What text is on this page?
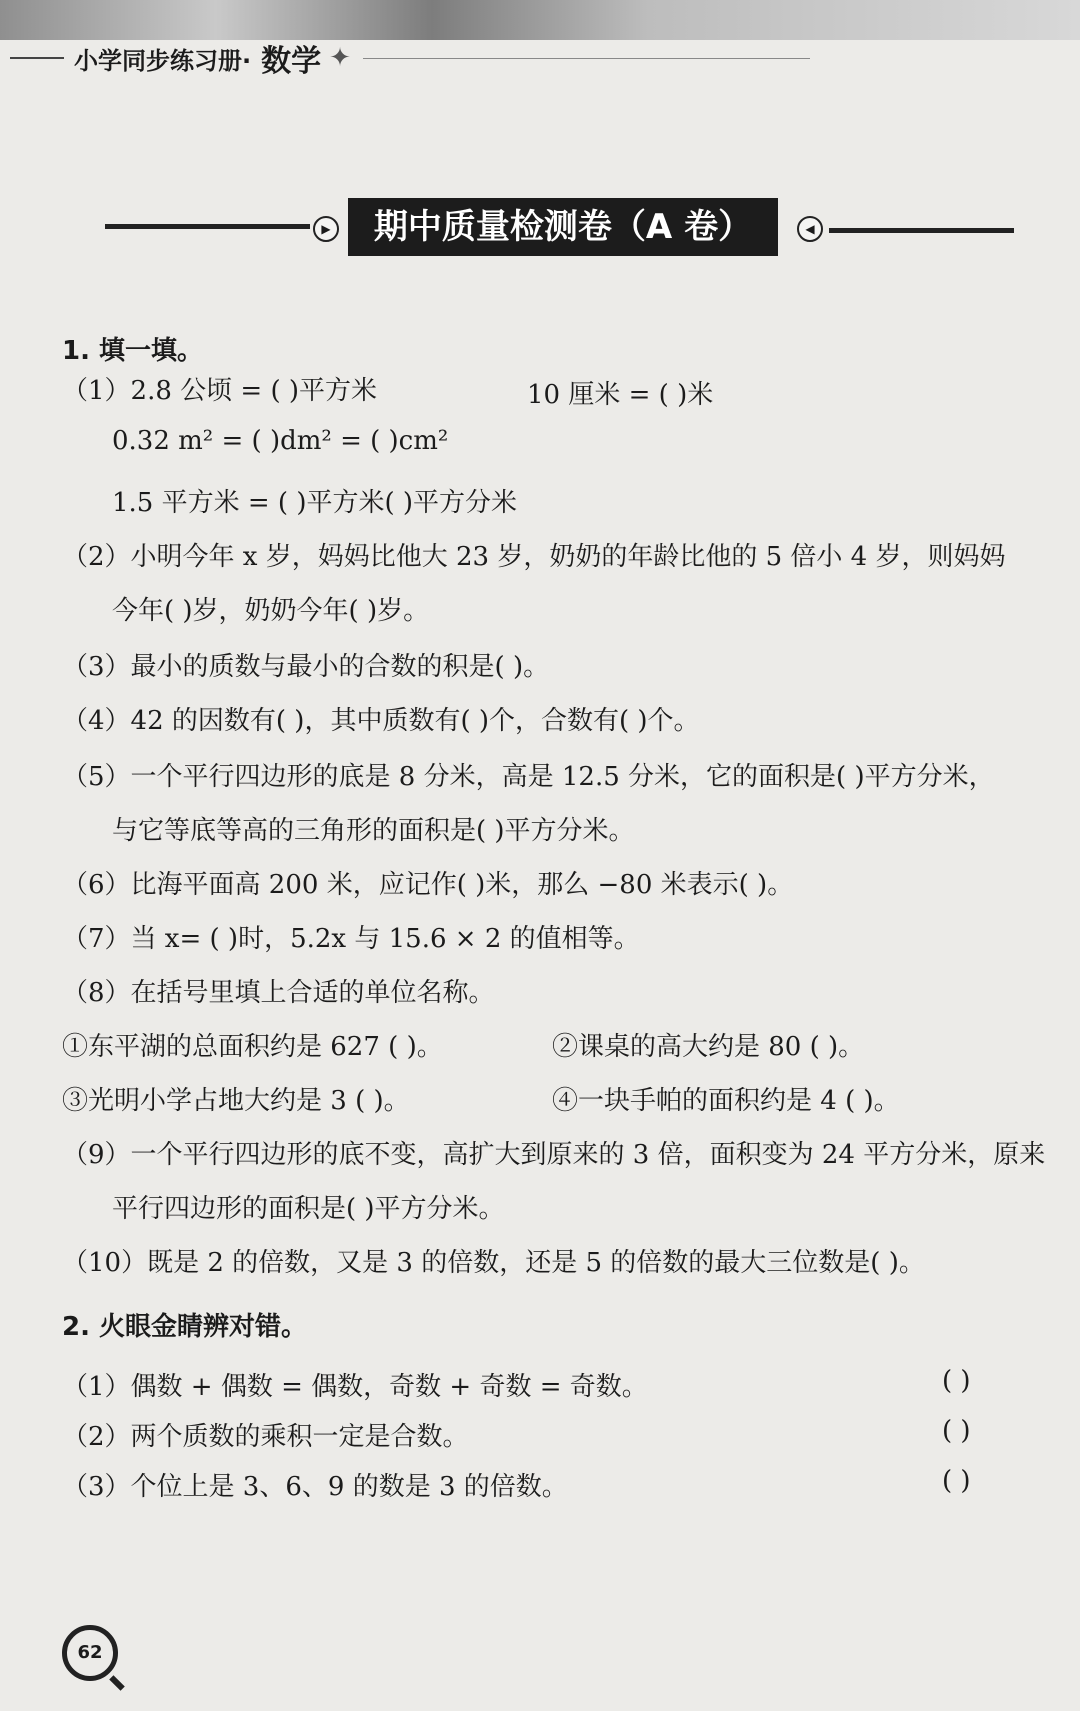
小学同步练习册· 数学 ✦
▶	期中质量检测卷（A 卷）	◀
1. 填一填。
（1）2.8 公顷 = ( )平方米	10 厘米 = ( )米
0.32 m² = ( )dm² = ( )cm²
1.5 平方米 = ( )平方米( )平方分米
（2）小明今年 x 岁，妈妈比他大 23 岁，奶奶的年龄比他的 5 倍小 4 岁，则妈妈
今年( )岁，奶奶今年( )岁。
（3）最小的质数与最小的合数的积是( )。
（4）42 的因数有( )，其中质数有( )个，合数有( )个。
（5）一个平行四边形的底是 8 分米，高是 12.5 分米，它的面积是( )平方分米，
与它等底等高的三角形的面积是( )平方分米。
（6）比海平面高 200 米，应记作( )米，那么 −80 米表示( )。
（7）当 x= ( )时，5.2x 与 15.6 × 2 的值相等。
（8）在括号里填上合适的单位名称。
①东平湖的总面积约是 627 ( )。	②课桌的高大约是 80 ( )。
③光明小学占地大约是 3 ( )。	④一块手帕的面积约是 4 ( )。
（9）一个平行四边形的底不变，高扩大到原来的 3 倍，面积变为 24 平方分米，原来
平行四边形的面积是( )平方分米。
（10）既是 2 的倍数，又是 3 的倍数，还是 5 的倍数的最大三位数是( )。
2. 火眼金睛辨对错。
（1）偶数 + 偶数 = 偶数，奇数 + 奇数 = 奇数。	( )
（2）两个质数的乘积一定是合数。	( )
（3）个位上是 3、6、9 的数是 3 的倍数。	( )
62
